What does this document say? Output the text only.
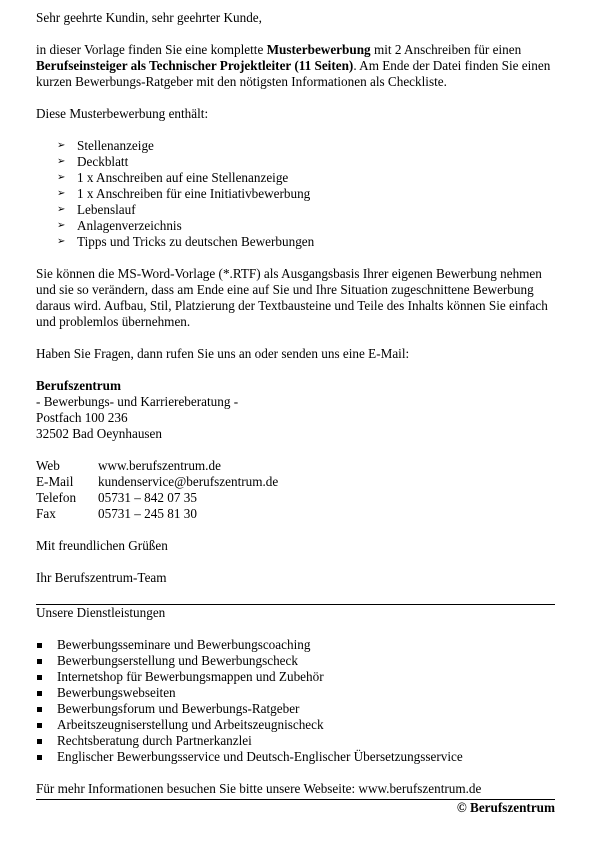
Sehr geehrte Kundin, sehr geehrter Kunde,

in dieser Vorlage finden Sie eine komplette Musterbewerbung mit 2 Anschreiben für einen Berufseinsteiger als Technischer Projektleiter (11 Seiten). Am Ende der Datei finden Sie einen kurzen Bewerbungs-Ratgeber mit den nötigsten Informationen als Checkliste.

Diese Musterbewerbung enthält:

➢ Stellenanzeige
➢ Deckblatt
➢ 1 x Anschreiben auf eine Stellenanzeige
➢ 1 x Anschreiben für eine Initiativbewerbung
➢ Lebenslauf
➢ Anlagenverzeichnis
➢ Tipps und Tricks zu deutschen Bewerbungen

Sie können die MS-Word-Vorlage (*.RTF) als Ausgangsbasis Ihrer eigenen Bewerbung nehmen und sie so verändern, dass am Ende eine auf Sie und Ihre Situation zugeschnittene Bewerbung daraus wird. Aufbau, Stil, Platzierung der Textbausteine und Teile des Inhalts können Sie einfach und problemlos übernehmen.

Haben Sie Fragen, dann rufen Sie uns an oder senden uns eine E-Mail:

Berufszentrum

- Bewerbungs- und Karriereberatung -

Postfach 100 236

32502 Bad Oeynhausen

Web	www.berufszentrum.de
E-Mail	kundenservice@berufszentrum.de
Telefon	05731 – 842 07 35
Fax	05731 – 245 81 30

Mit freundlichen Grüßen

Ihr Berufszentrum-Team

Unsere Dienstleistungen

Bewerbungsseminare und Bewerbungscoaching
Bewerbungserstellung und Bewerbungscheck
Internetshop für Bewerbungsmappen und Zubehör
Bewerbungswebseiten
Bewerbungsforum und Bewerbungs-Ratgeber
Arbeitszeugniserstellung und Arbeitszeugnischeck
Rechtsberatung durch Partnerkanzlei
Englischer Bewerbungsservice und Deutsch-Englischer Übersetzungsservice

Für mehr Informationen besuchen Sie bitte unsere Webseite: www.berufszentrum.de

© Berufszentrum
